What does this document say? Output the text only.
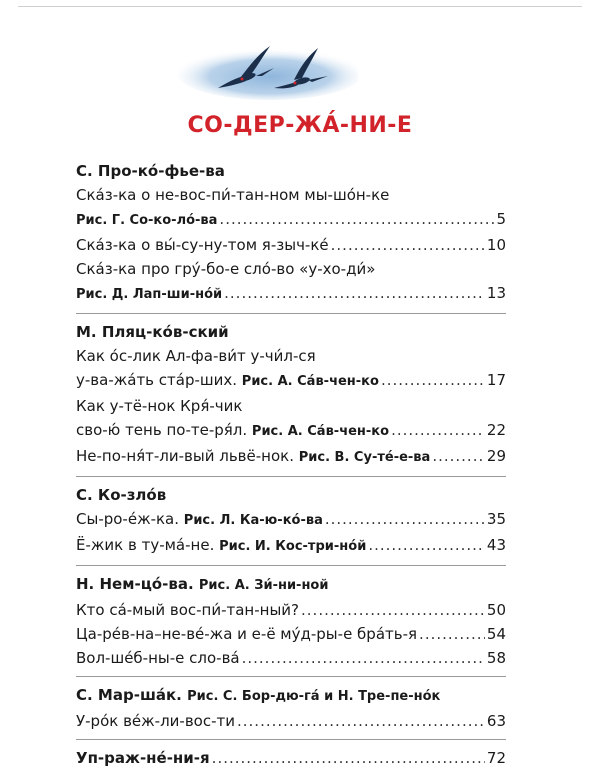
СО-ДЕР-ЖА́-НИ-Е
С. Про-ко́-фье-ва
Ска́з-ка о не-вос-пи́-тан-ном мы-шо́н-ке
Рис. Г. Со-ко-ло́-ва .....	5
Ска́з-ка о вы́-су-ну-том я-зыч-ке́ .....	10
Ска́з-ка про гру́-бо-е сло́-во «у-хо-ди́»
Рис. Д. Лап-ши-но́й .....	13
М. Пляц-ко́в-ский
Как о́с-лик Ал-фа-ви́т у-чи́л-ся
у-ва-жа́ть ста́р-ших.
Рис. А. Са́в-чен-ко .....	17
Как у-тё-нок Кря́-чик
сво-ю́ тень по-те-ря́л.
Рис. А. Са́в-чен-ко .....	22
Не-по-ня́т-ли-вый львё-нок.
Рис. В. Су-те́-е-ва .....	29
С. Ко-зло́в
Сы-ро-е́ж-ка.
Рис. Л. Ка-ю-ко́-ва .....	35
Ё-жик в ту-ма́-не.
Рис. И. Кос-три-но́й .....	43
Н. Нем-цо́-ва. Рис. А. Зи́-ни-ной
Кто са́-мый вос-пи́-тан-ный? .....	50
Ца-ре́в-на–не-ве́-жа и е-ё му́д-ры-е бра́ть-я .....	54
Вол-ше́б-ны-е сло-ва́ .....	58
С. Мар-ша́к. Рис. С. Бор-дю-га́ и Н. Тре-пе-но́к
У-ро́к ве́ж-ли-вос-ти .....	63
Уп-раж-не́-ни-я .....	72
